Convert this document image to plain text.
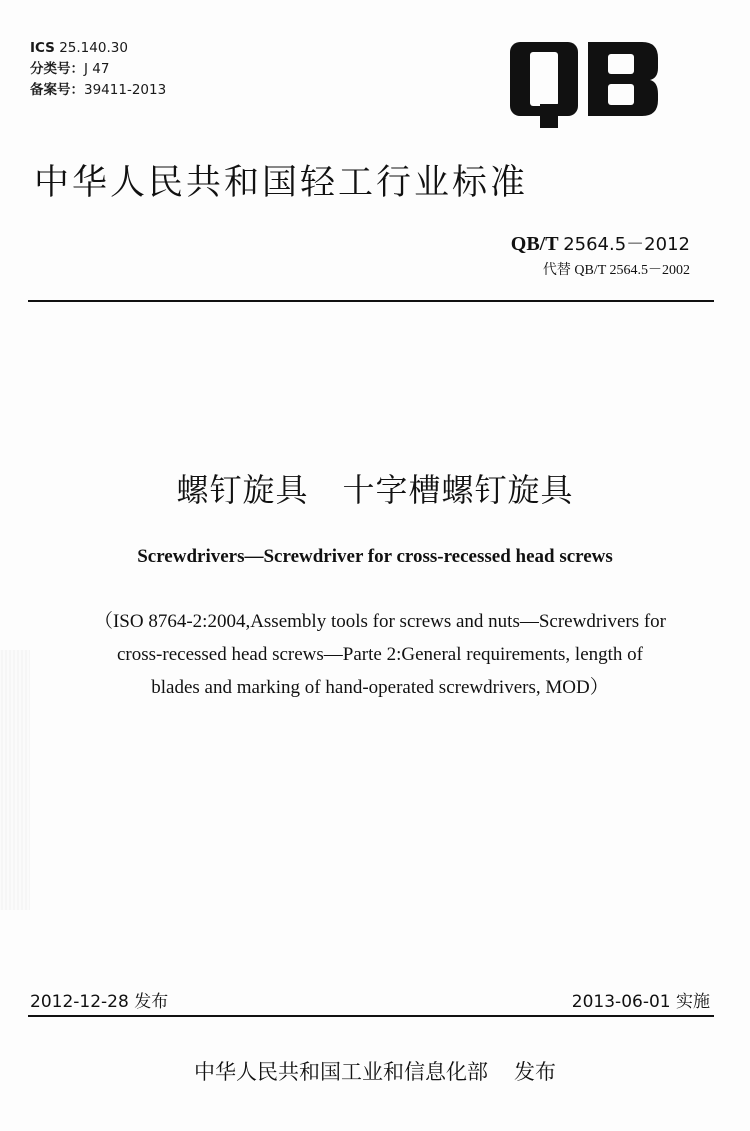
ICS 25.140.30
分类号：J 47
备案号：39411-2013
中华人民共和国轻工行业标准
QB/T 2564.5－2012
代替 QB/T 2564.5－2002
螺钉旋具 十字槽螺钉旋具
Screwdrivers—Screwdriver for cross-recessed head screws
（ISO 8764-2:2004,Assembly tools for screws and nuts—Screwdrivers for
cross-recessed head screws—Parte 2:General requirements, length of
blades and marking of hand-operated screwdrivers, MOD）
2012-12-28 发布	2013-06-01 实施
中华人民共和国工业和信息化部 发布
